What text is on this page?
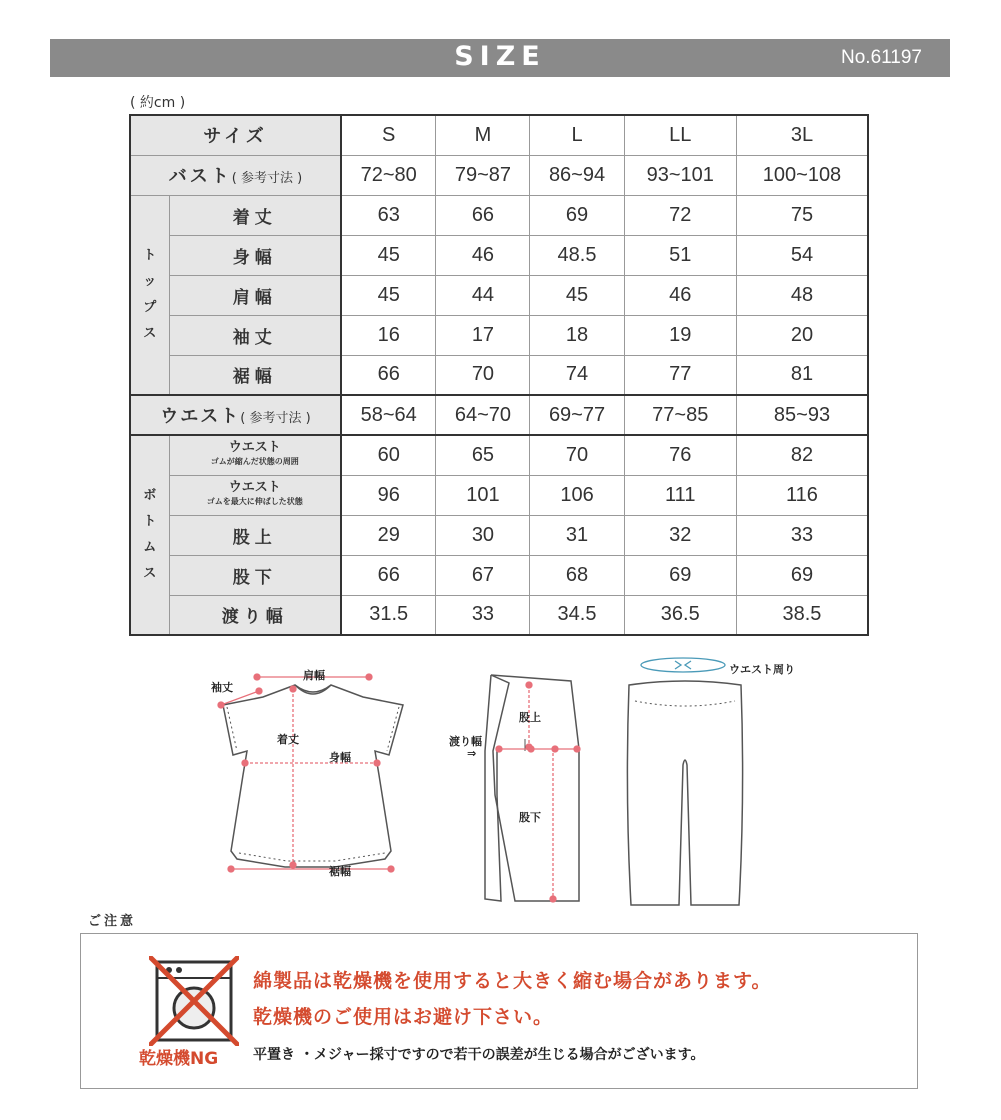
SIZE	No.61197
( 約cm )
サイズ		S	M	L	LL	3L
バスト( 参考寸法 )		72~80	79~87	86~94	93~101	100~108
ト
ッ
プ
ス	着丈	63	66	69	72	75
	身幅	45	46	48.5	51	54
	肩幅	45	44	45	46	48
	袖丈	16	17	18	19	20
	裾幅	66	70	74	77	81
ウエスト( 参考寸法 )		58~64	64~70	69~77	77~85	85~93
ボ
ト
ム
ス	ウエスト
ゴムが縮んだ状態の周囲	60	65	70	76	82

	ウエスト
ゴムを最大に伸ばした状態	96	101	106	111	116
	股上	29	30	31	32	33
	股下	66	67	68	69	69
	渡り幅	31.5	33	34.5	36.5	38.5
袖丈
肩幅
着丈
身幅
裾幅
股上
渡り幅
⇒
股下
ウエスト周り
ご注意
乾燥機NG
綿製品は乾燥機を使用すると大きく縮む場合があります。
乾燥機のご使用はお避け下さい。
平置き ・メジャー採寸ですので若干の誤差が生じる場合がございます。
